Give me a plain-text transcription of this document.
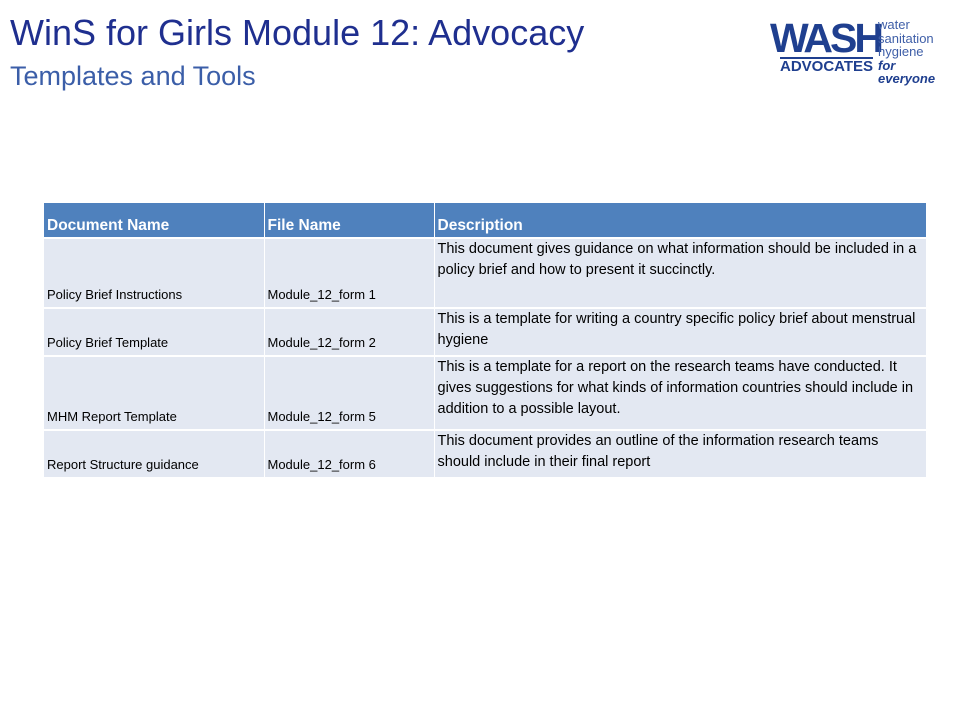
WinS for Girls Module 12: Advocacy
Templates and Tools
WASH
ADVOCATES
water
sanitation
hygiene
for everyone
Document Name	File Name	Description
Policy Brief Instructions	Module_12_form 1	This document gives guidance on what information should be included in a policy brief and how to present it succinctly.
Policy Brief Template	Module_12_form 2	This is a template for writing a country specific policy brief about menstrual hygiene
MHM Report Template	Module_12_form 5	This is a template for a report on the research teams have conducted. It gives suggestions for what kinds of information countries should include in addition to a possible layout.
Report Structure guidance	Module_12_form 6	This document provides an outline of the information research teams should include in their final report
